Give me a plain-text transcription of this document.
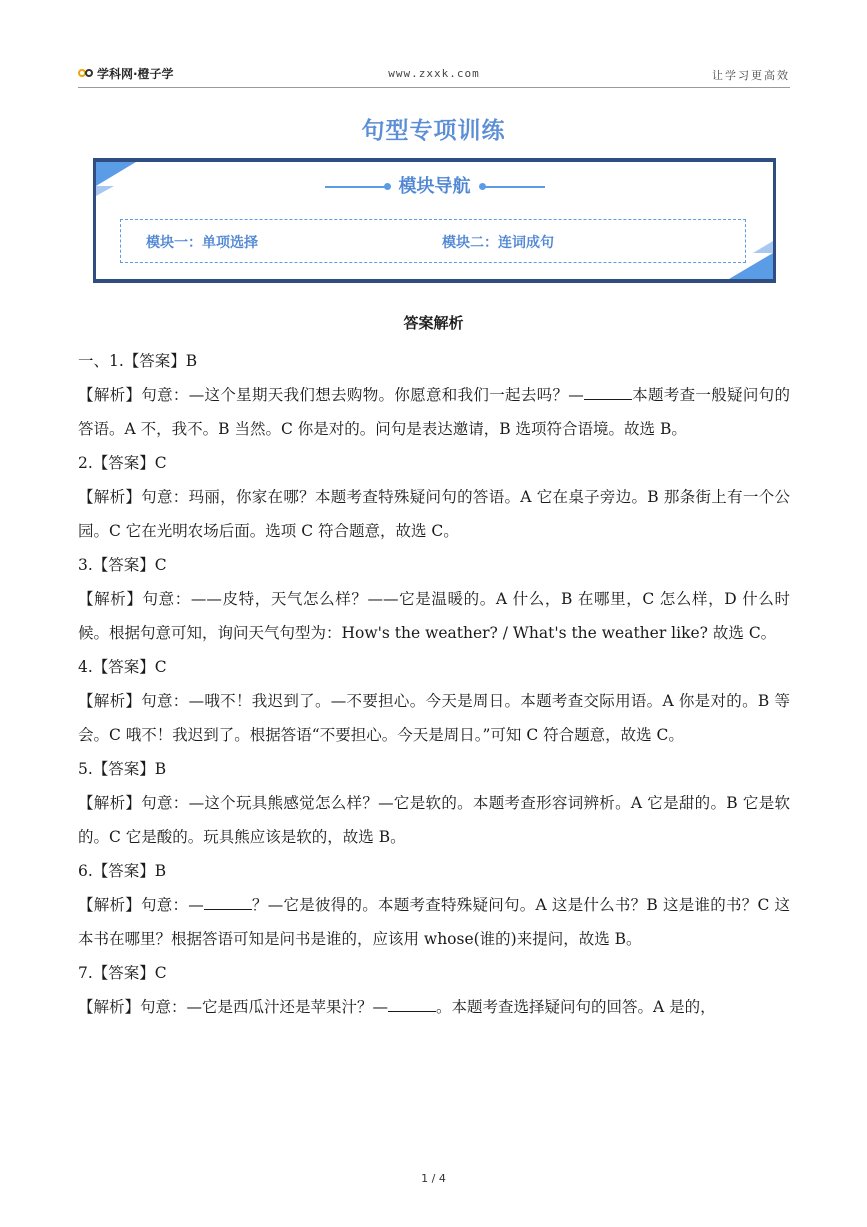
学科网·橙子学	www.zxxk.com	让学习更高效
句型专项训练
模块导航
模块一：单项选择	模块二：连词成句
答案解析

一、1.【答案】B

【解析】句意：—这个星期天我们想去购物。你愿意和我们一起去吗？—	本题考查一般疑问句的答语。A 不，我不。B 当然。C 你是对的。问句是表达邀请，B 选项符合语境。故选 B。

2.【答案】C

【解析】句意：玛丽，你家在哪？本题考查特殊疑问句的答语。A 它在桌子旁边。B 那条街上有一个公园。C 它在光明农场后面。选项 C 符合题意，故选 C。

3.【答案】C

【解析】句意：——皮特，天气怎么样？——它是温暖的。A 什么，B 在哪里，C 怎么样，D 什么时候。根据句意可知，询问天气句型为：How's the weather? / What's the weather like? 故选 C。

4.【答案】C

【解析】句意：—哦不！我迟到了。—不要担心。今天是周日。本题考查交际用语。A 你是对的。B 等会。C 哦不！我迟到了。根据答语“不要担心。今天是周日。”可知 C 符合题意，故选 C。

5.【答案】B

【解析】句意：—这个玩具熊感觉怎么样？—它是软的。本题考查形容词辨析。A 它是甜的。B 它是软的。C 它是酸的。玩具熊应该是软的，故选 B。

6.【答案】B

【解析】句意：—	？—它是彼得的。本题考查特殊疑问句。A 这是什么书？B 这是谁的书？C 这本书在哪里？根据答语可知是问书是谁的，应该用 whose(谁的)来提问，故选 B。

7.【答案】C

【解析】句意：—它是西瓜汁还是苹果汁？—	。本题考查选择疑问句的回答。A 是的，

1 / 4
